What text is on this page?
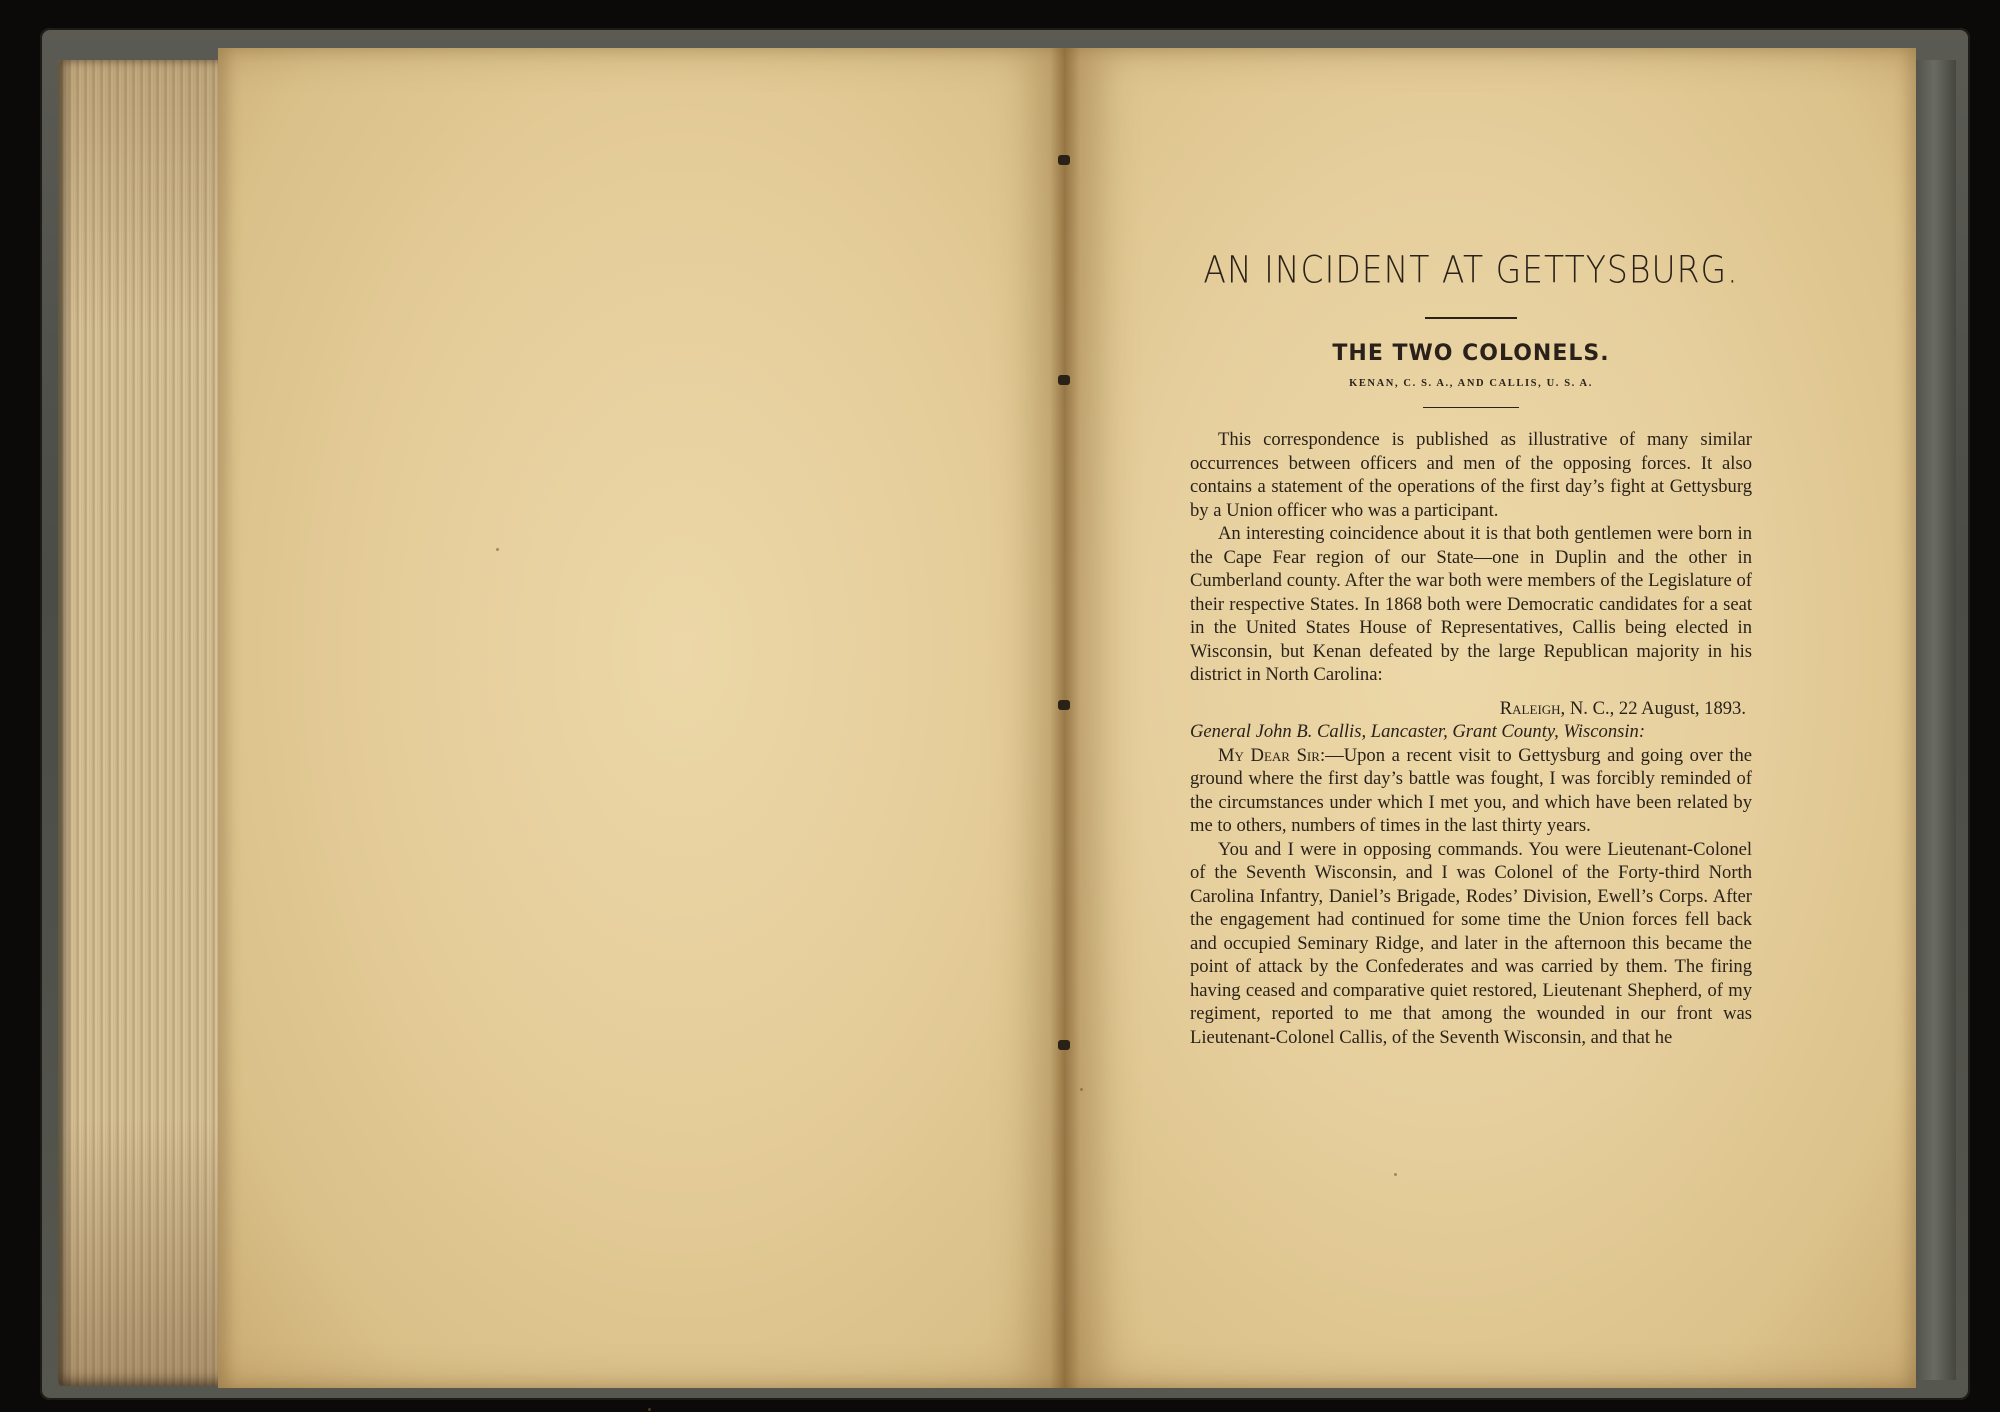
AN INCIDENT AT GETTYSBURG.
THE TWO COLONELS.

KENAN, C. S. A., AND CALLIS, U. S. A.

This correspondence is published as illustrative of many similar occurrences between officers and men of the opposing forces. It also contains a statement of the operations of the first day’s fight at Gettysburg by a Union officer who was a participant.

An interesting coincidence about it is that both gentlemen were born in the Cape Fear region of our State—one in Duplin and the other in Cumberland county. After the war both were members of the Legislature of their respective States. In 1868 both were Democratic candidates for a seat in the United States House of Representatives, Callis being elected in Wisconsin, but Kenan defeated by the large Republican majority in his district in North Carolina:

Raleigh, N. C., 22 August, 1893.

General John B. Callis, Lancaster, Grant County, Wisconsin:

My Dear Sir:—Upon a recent visit to Gettysburg and going over the ground where the first day’s battle was fought, I was forcibly reminded of the circumstances under which I met you, and which have been related by me to others, numbers of times in the last thirty years.

You and I were in opposing commands. You were Lieutenant-Colonel of the Seventh Wisconsin, and I was Colonel of the Forty-third North Carolina Infantry, Daniel’s Brigade, Rodes’ Division, Ewell’s Corps. After the engagement had continued for some time the Union forces fell back and occupied Seminary Ridge, and later in the afternoon this became the point of attack by the Confederates and was carried by them. The firing having ceased and comparative quiet restored, Lieutenant Shepherd, of my regiment, reported to me that among the wounded in our front was Lieutenant-Colonel Callis, of the Seventh Wisconsin, and that he
